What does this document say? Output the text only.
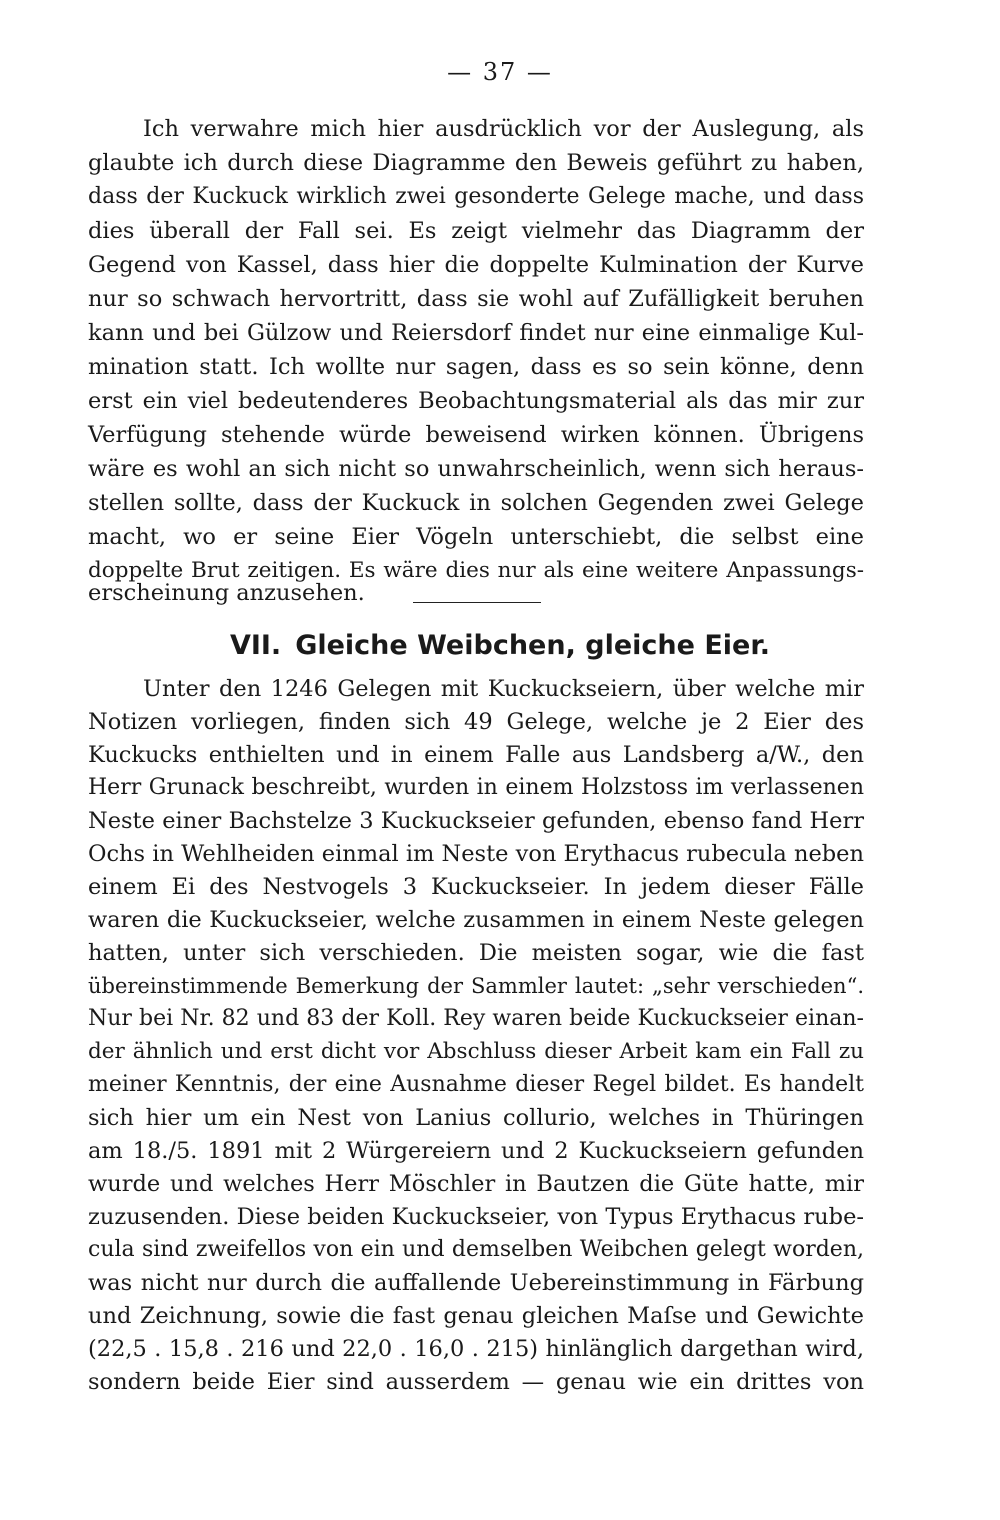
— 37 —
Ich verwahre mich hier ausdrücklich vor der Auslegung, als
glaubte ich durch diese Diagramme den Beweis geführt zu haben,
dass der Kuckuck wirklich zwei gesonderte Gelege mache, und dass
dies überall der Fall sei. Es zeigt vielmehr das Diagramm der
Gegend von Kassel, dass hier die doppelte Kulmination der Kurve
nur so schwach hervortritt, dass sie wohl auf Zufälligkeit beruhen
kann und bei Gülzow und Reiersdorf findet nur eine einmalige Kul-
mination statt. Ich wollte nur sagen, dass es so sein könne, denn
erst ein viel bedeutenderes Beobachtungsmaterial als das mir zur
Verfügung stehende würde beweisend wirken können. Übrigens
wäre es wohl an sich nicht so unwahrscheinlich, wenn sich heraus-
stellen sollte, dass der Kuckuck in solchen Gegenden zwei Gelege
macht, wo er seine Eier Vögeln unterschiebt, die selbst eine
doppelte Brut zeitigen. Es wäre dies nur als eine weitere Anpassungs-
erscheinung anzusehen.
VII. Gleiche Weibchen, gleiche Eier.
Unter den 1246 Gelegen mit Kuckuckseiern, über welche mir
Notizen vorliegen, finden sich 49 Gelege, welche je 2 Eier des
Kuckucks enthielten und in einem Falle aus Landsberg a/W., den
Herr Grunack beschreibt, wurden in einem Holzstoss im verlassenen
Neste einer Bachstelze 3 Kuckuckseier gefunden, ebenso fand Herr
Ochs in Wehlheiden einmal im Neste von Erythacus rubecula neben
einem Ei des Nestvogels 3 Kuckuckseier. In jedem dieser Fälle
waren die Kuckuckseier, welche zusammen in einem Neste gelegen
hatten, unter sich verschieden. Die meisten sogar, wie die fast
übereinstimmende Bemerkung der Sammler lautet: „sehr verschieden“.
Nur bei Nr. 82 und 83 der Koll. Rey waren beide Kuckuckseier einan-
der ähnlich und erst dicht vor Abschluss dieser Arbeit kam ein Fall zu
meiner Kenntnis, der eine Ausnahme dieser Regel bildet. Es handelt
sich hier um ein Nest von Lanius collurio, welches in Thüringen
am 18./5. 1891 mit 2 Würgereiern und 2 Kuckuckseiern gefunden
wurde und welches Herr Möschler in Bautzen die Güte hatte, mir
zuzusenden. Diese beiden Kuckuckseier, von Typus Erythacus rube-
cula sind zweifellos von ein und demselben Weibchen gelegt worden,
was nicht nur durch die auffallende Uebereinstimmung in Färbung
und Zeichnung, sowie die fast genau gleichen Maſse und Gewichte
(22,5 . 15,8 . 216 und 22,0 . 16,0 . 215) hinlänglich dargethan wird,
sondern beide Eier sind ausserdem — genau wie ein drittes von
